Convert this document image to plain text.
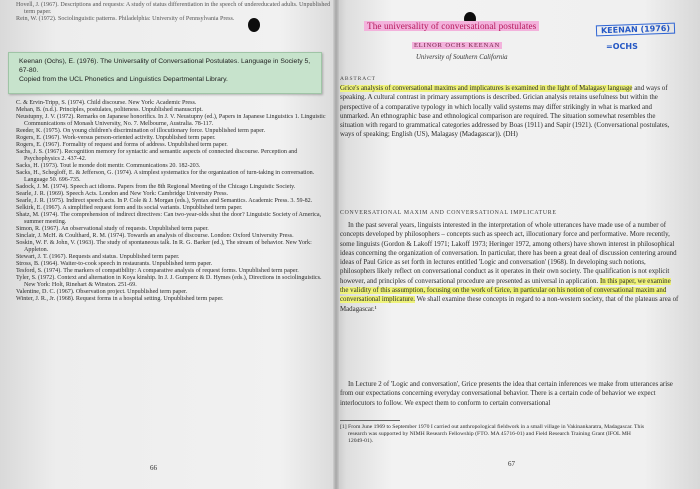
Hovell, J. (1967). Descriptions and requests: A study of status differentiation in the speech of undereducated adults. Unpublished term paper.

Rein, W. (1972). Sociolinguistic patterns. Philadelphia: University of Pennsylvania Press.

C. & Ervin-Tripp, S. (1974). Child discourse. New York: Academic Press.

Mehan, B. (n.d.). Principles, postulates, politeness. Unpublished manuscript.

Neustupny, J. V. (1972). Remarks on Japanese honorifics. In J. V. Neustupny (ed.), Papers in Japanese Linguistics 1. Linguistic Communications of Monash University, No. 7. Melbourne, Australia. 78-117.

Reeder, K. (1975). On young children's discrimination of illocutionary force. Unpublished term paper.

Rogers, E. (1967). Work-versus person-oriented activity. Unpublished term paper.

Rogers, E. (1967). Formality of request and forms of address. Unpublished term paper.

Sachs, J. S. (1967). Recognition memory for syntactic and semantic aspects of connected discourse. Perception and Psychophysics 2. 437-42.

Sacks, H. (1973). Tout le monde doit mentir. Communications 20. 182-203.

Sacks, H., Schegloff, E. & Jefferson, G. (1974). A simplest systematics for the organization of turn-taking in conversation. Language 50. 696-735.

Sadock, J. M. (1974). Speech act idioms. Papers from the 8th Regional Meeting of the Chicago Linguistic Society.

Searle, J. R. (1969). Speech Acts. London and New York: Cambridge University Press.

Searle, J. R. (1975). Indirect speech acts. In P. Cole & J. Morgan (eds.), Syntax and Semantics. Academic Press. 3. 59-82.

Selkirk, E. (1967). A simplified request form and its social variants. Unpublished term paper.

Shatz, M. (1974). The comprehension of indirect directives: Can two-year-olds shut the door? Linguistic Society of America, summer meeting.

Simon, R. (1967). An observational study of requests. Unpublished term paper.

Sinclair, J. McH. & Coulthard, R. M. (1974). Towards an analysis of discourse. London: Oxford University Press.

Soskin, W. F. & John, V. (1963). The study of spontaneous talk. In R. G. Barker (ed.), The stream of behavior. New York: Appleton.

Stewart, J. T. (1967). Requests and status. Unpublished term paper.

Stross, B. (1964). Waiter-to-cook speech in restaurants. Unpublished term paper.

Tesford, S. (1974). The markers of compatibility: A comparative analysis of request forms. Unpublished term paper.

Tyler, S. (1972). Context and alternation in Koya kinship. In J. J. Gumperz & D. Hymes (eds.), Directions in sociolinguistics. New York: Holt, Rinehart & Winston. 251-69.

Valentine, D. C. (1967). Observation project. Unpublished term paper.

Winter, J. R., Jr. (1968). Request forms in a hospital setting. Unpublished term paper.

Keenan (Ochs), E. (1976). The Universality of Conversational Postulates. Language in Society 5, 67-80.

Copied from the UCL Phonetics and Linguistics Departmental Library.

66
The universality of conversational postulates
ELINOR OCHS KEENAN
University of Southern California
KEENAN (1976)
=OCHS
ABSTRACT

Grice's analysis of conversational maxims and implicatures is examined in the light of Malagasy language and ways of speaking. A cultural contrast in primary assumptions is described. Grician analysis retains usefulness but within the perspective of a comparative typology in which locally valid systems may differ strikingly in what is marked and unmarked. An ethnographic base and ethnological comparison are required. The situation somewhat resembles the situation with regard to grammatical categories addressed by Boas (1911) and Sapir (1921). (Conversational postulates, ways of speaking; English (US), Malagasy (Madagascar)). (DH)

CONVERSATIONAL MAXIM AND CONVERSATIONAL IMPLICATURE

In the past several years, linguists interested in the interpretation of whole utterances have made use of a number of concepts developed by philosophers – concepts such as speech act, illocutionary force and performative. More recently, some linguists (Gordon & Lakoff 1971; Lakoff 1973; Heringer 1972, among others) have shown interest in philosophical ideas concerning the organization of conversation. In particular, there has been a great deal of discussion centering around ideas of Paul Grice as set forth in lectures entitled 'Logic and conversation' (1968). In developing such notions, philosophers likely reflect on conversational conduct as it operates in their own society. The qualification is not explicit however, and principles of conversational procedure are presented as universal in application. In this paper, we examine the validity of this assumption, focusing on the work of Grice, in particular on his notion of conversational maxim and conversational implicature. We shall examine these concepts in regard to a non-western society, that of the plateaus area of Madagascar.¹

In Lecture 2 of 'Logic and conversation', Grice presents the idea that certain inferences we make from utterances arise from our expectations concerning everyday conversational behavior. There is a certain code of behavior we expect interlocutors to follow. We expect them to conform to certain conversational

[1] From June 1969 to September 1970 I carried out anthropological fieldwork in a small village in Vakinankaratra, Madagascar. This research was supported by NIMH Research Fellowship (FTO. MA 45716-01) and Field Research Training Grant (IFOL MH 12049-01).

67
